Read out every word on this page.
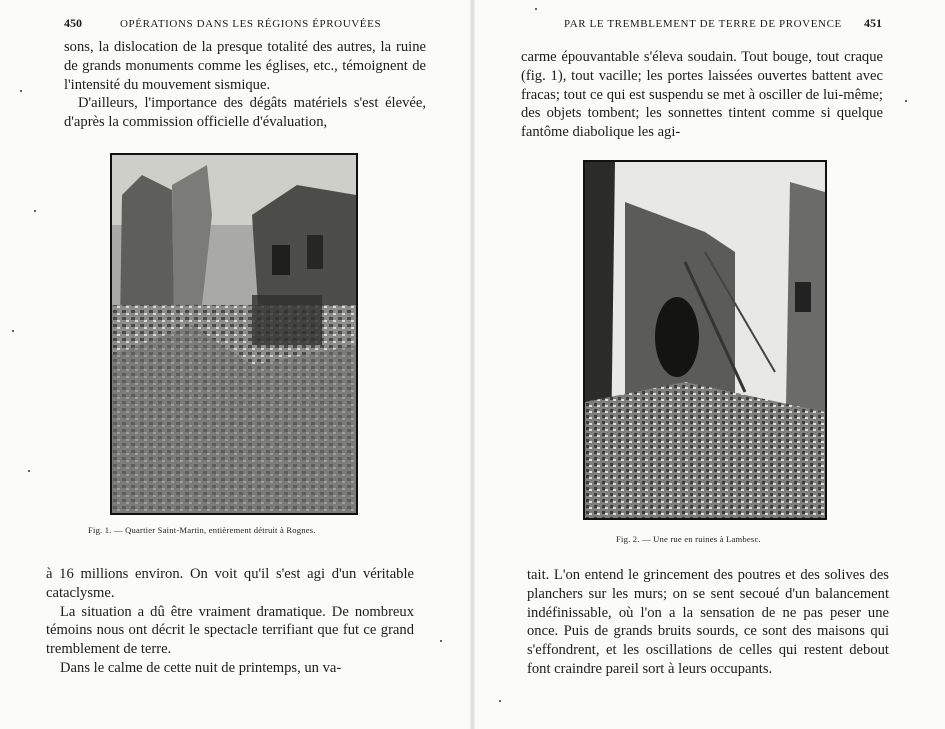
450	OPÉRATIONS DANS LES RÉGIONS ÉPROUVÉES

sons, la dislocation de la presque totalité des autres, la ruine de grands monuments comme les églises, etc., témoignent de l'intensité du mouvement sismique.

D'ailleurs, l'importance des dégâts matériels s'est élevée, d'après la commission officielle d'évaluation,

Fig. 1. — Quartier Saint-Martin, entièrement détruit à Rognes.

à 16 millions environ. On voit qu'il s'est agi d'un véritable cataclysme.

La situation a dû être vraiment dramatique. De nombreux témoins nous ont décrit le spectacle terrifiant que fut ce grand tremblement de terre.

Dans le calme de cette nuit de printemps, un va-

PAR LE TREMBLEMENT DE TERRE DE PROVENCE 451

carme épouvantable s'éleva soudain. Tout bouge, tout craque (fig. 1), tout vacille; les portes laissées ouvertes battent avec fracas; tout ce qui est suspendu se met à osciller de lui-même; des objets tombent; les sonnettes tintent comme si quelque fantôme diabolique les agi-

Fig. 2. — Une rue en ruines à Lambesc.

tait. L'on entend le grincement des poutres et des solives des planchers sur les murs; on se sent secoué d'un balancement indéfinissable, où l'on a la sensation de ne pas peser une once. Puis de grands bruits sourds, ce sont des maisons qui s'effondrent, et les oscillations de celles qui restent debout font craindre pareil sort à leurs occupants.
